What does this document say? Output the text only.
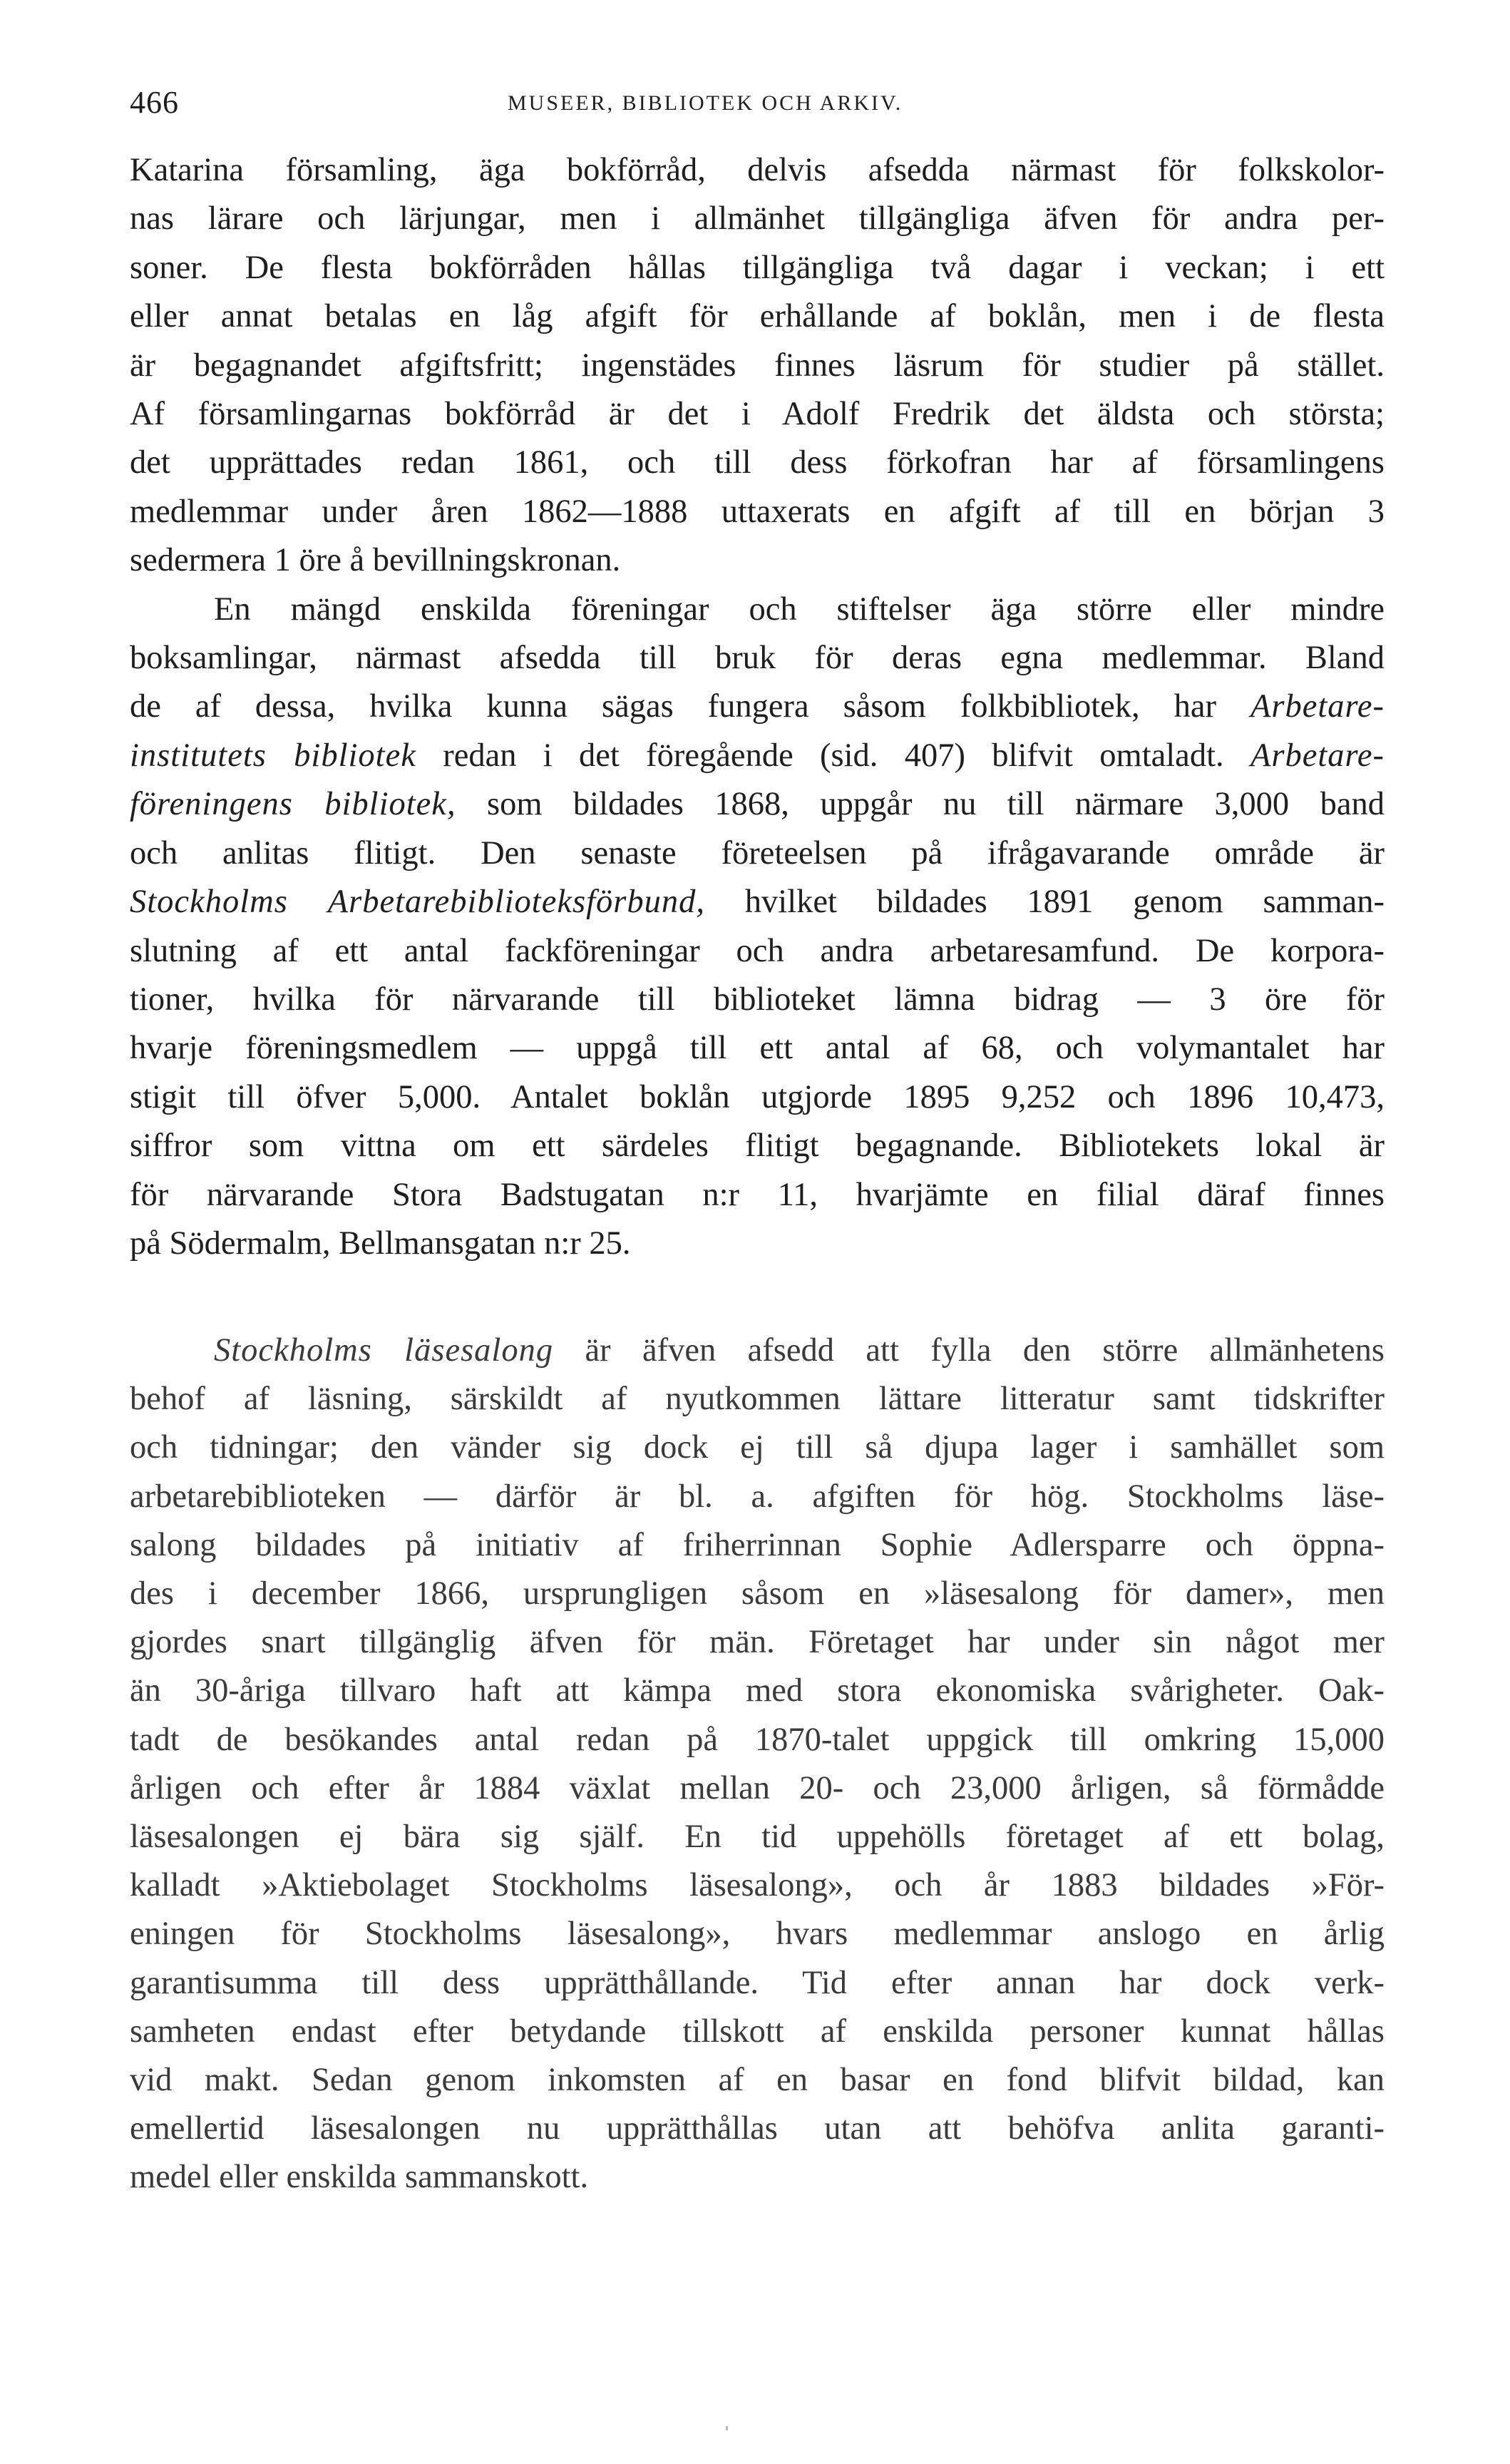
466	MUSEER, BIBLIOTEK OCH ARKIV.
Katarina församling, äga bokförråd, delvis afsedda närmast för folkskolor-
nas lärare och lärjungar, men i allmänhet tillgängliga äfven för andra per-
soner. De flesta bokförråden hållas tillgängliga två dagar i veckan; i ett
eller annat betalas en låg afgift för erhållande af boklån, men i de flesta
är begagnandet afgiftsfritt; ingenstädes finnes läsrum för studier på stället.
Af församlingarnas bokförråd är det i Adolf Fredrik det äldsta och största;
det upprättades redan 1861, och till dess förkofran har af församlingens
medlemmar under åren 1862—1888 uttaxerats en afgift af till en början 3
sedermera 1 öre å bevillningskronan.
En mängd enskilda föreningar och stiftelser äga större eller mindre
boksamlingar, närmast afsedda till bruk för deras egna medlemmar. Bland
de af dessa, hvilka kunna sägas fungera såsom folkbibliotek, har Arbetare-
institutets bibliotek redan i det föregående (sid. 407) blifvit omtaladt. Arbetare-
föreningens bibliotek, som bildades 1868, uppgår nu till närmare 3,000 band
och anlitas flitigt. Den senaste företeelsen på ifrågavarande område är
Stockholms Arbetarebiblioteksförbund, hvilket bildades 1891 genom samman-
slutning af ett antal fackföreningar och andra arbetaresamfund. De korpora-
tioner, hvilka för närvarande till biblioteket lämna bidrag — 3 öre för
hvarje föreningsmedlem — uppgå till ett antal af 68, och volymantalet har
stigit till öfver 5,000. Antalet boklån utgjorde 1895 9,252 och 1896 10,473,
siffror som vittna om ett särdeles flitigt begagnande. Bibliotekets lokal är
för närvarande Stora Badstugatan n:r 11, hvarjämte en filial däraf finnes
på Södermalm, Bellmansgatan n:r 25.
Stockholms läsesalong är äfven afsedd att fylla den större allmänhetens
behof af läsning, särskildt af nyutkommen lättare litteratur samt tidskrifter
och tidningar; den vänder sig dock ej till så djupa lager i samhället som
arbetarebiblioteken — därför är bl. a. afgiften för hög. Stockholms läse-
salong bildades på initiativ af friherrinnan Sophie Adlersparre och öppna-
des i december 1866, ursprungligen såsom en »läsesalong för damer», men
gjordes snart tillgänglig äfven för män. Företaget har under sin något mer
än 30-åriga tillvaro haft att kämpa med stora ekonomiska svårigheter. Oak-
tadt de besökandes antal redan på 1870-talet uppgick till omkring 15,000
årligen och efter år 1884 växlat mellan 20- och 23,000 årligen, så förmådde
läsesalongen ej bära sig själf. En tid uppehölls företaget af ett bolag,
kalladt »Aktiebolaget Stockholms läsesalong», och år 1883 bildades »För-
eningen för Stockholms läsesalong», hvars medlemmar anslogo en årlig
garantisumma till dess upprätthållande. Tid efter annan har dock verk-
samheten endast efter betydande tillskott af enskilda personer kunnat hållas
vid makt. Sedan genom inkomsten af en basar en fond blifvit bildad, kan
emellertid läsesalongen nu upprätthållas utan att behöfva anlita garanti-
medel eller enskilda sammanskott.
